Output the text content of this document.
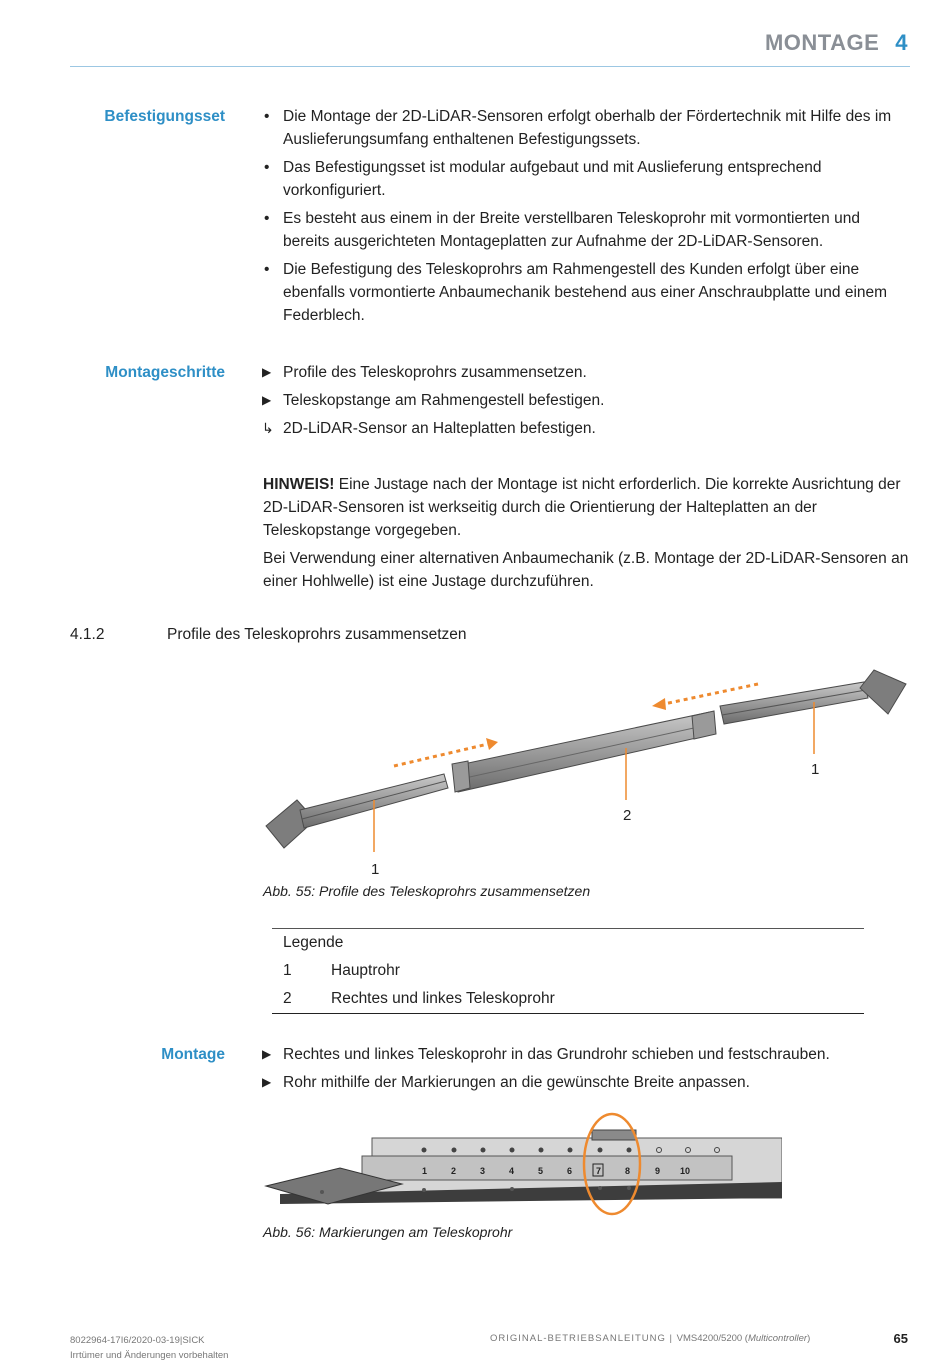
MONTAGE 4
Befestigungsset
•	Die Montage der 2D-LiDAR-Sensoren erfolgt oberhalb der Fördertechnik mit Hilfe des im Auslieferungsumfang enthaltenen Befestigungssets.
• Das Befestigungsset ist modular aufgebaut und mit Auslieferung entsprechend vorkonfiguriert.
• Es besteht aus einem in der Breite verstellbaren Teleskoprohr mit vormontierten und bereits ausgerichteten Montageplatten zur Aufnahme der 2D-LiDAR-Sensoren.
• Die Befestigung des Teleskoprohrs am Rahmengestell des Kunden erfolgt über eine ebenfalls vormontierte Anbaumechanik bestehend aus einer Anschraubplatte und einem Federblech.
Montageschritte	▶ Profile des Teleskoprohrs zusammensetzen.
▶ Teleskopstange am Rahmengestell befestigen.
↳ 2D-LiDAR-Sensor an Halteplatten befestigen.
HINWEIS! Eine Justage nach der Montage ist nicht erforderlich. Die korrekte Ausrichtung der 2D-LiDAR-Sensoren ist werkseitig durch die Orientierung der Halteplatten an der Teleskopstange vorgegeben.
Bei Verwendung einer alternativen Anbaumechanik (z.B. Montage der 2D-LiDAR-Sensoren an einer Hohlwelle) ist eine Justage durchzuführen.
4.1.2	Profile des Teleskoprohrs zusammensetzen
1
2
1
Abb. 55: Profile des Teleskoprohrs zusammensetzen
Legende
1	Hauptrohr
2	Rechtes und linkes Teleskoprohr
Montage	▶ Rechtes und linkes Teleskoprohr in das Grundrohr schieben und festschrauben.
▶ Rohr mithilfe der Markierungen an die gewünschte Breite anpassen.
1	2	3	4	5	6	7	8	9 10
Abb. 56: Markierungen am Teleskoprohr
8022964-17I6/2020-03-19|SICK
Irrtümer und Änderungen vorbehalten
ORIGINAL-BETRIEBSANLEITUNG | VMS4200/5200 (Multicontroller)	65
